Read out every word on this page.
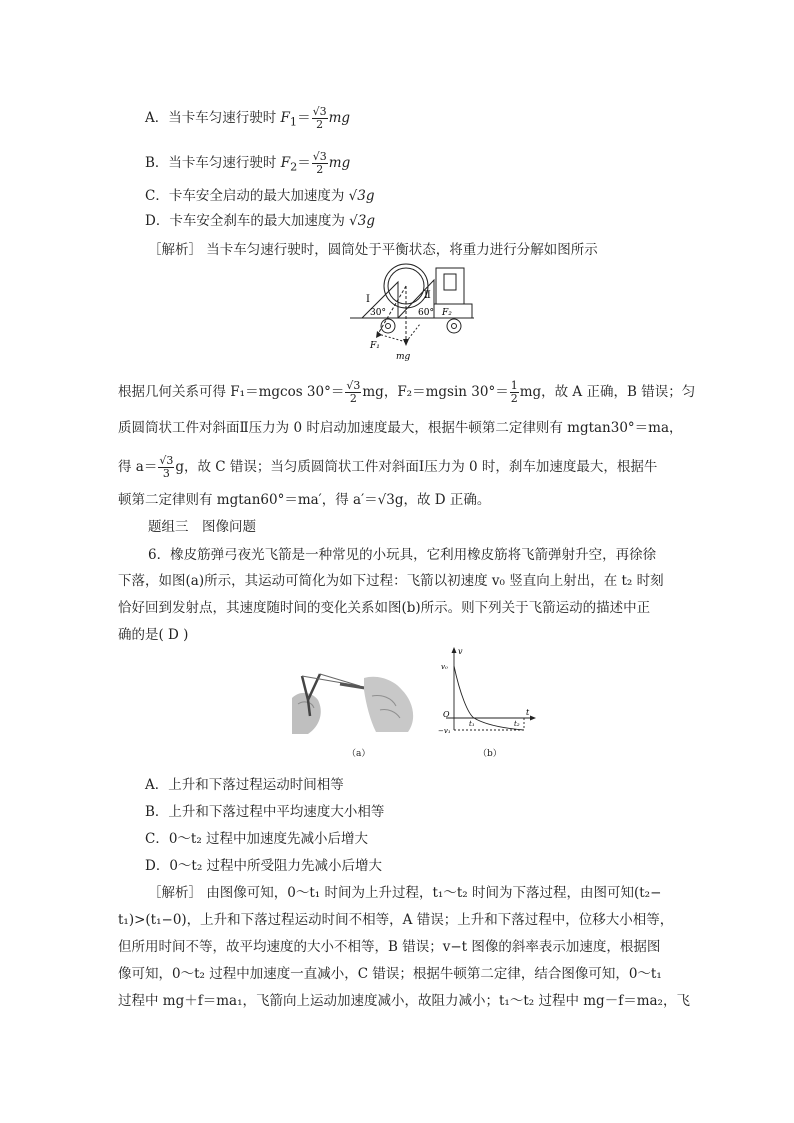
A．当卡车匀速行驶时 $F_1= \frac{√3}{2}$ mg
B．当卡车匀速行驶时 $F_2= \frac{√3}{2}$ mg
C．卡车安全启动的最大加速度为 √3g
D．卡车安全刹车的最大加速度为 √3g
［解析］ 当卡车匀速行驶时，圆筒处于平衡状态，将重力进行分解如图所示
Ⅰ	Ⅱ
30°	60° F₂
F₁
mg
根据几何关系可得 F₁＝mgcos $30^\circ= \frac{√3}{2}$ mg，F₂＝mgsin $30^\circ= \frac{1}{2}$ mg，故 A 正确，B 错误；匀
质圆筒状工件对斜面Ⅱ压力为 0 时启动加速度最大，根据牛顿第二定律则有 mgtan30°＝ma，
得 $a= \frac{√3}{3}$ g，故 C 错误；当匀质圆筒状工件对斜面Ⅰ压力为 0 时，刹车加速度最大，根据牛
顿第二定律则有 mgtan60°＝ma′，得 a′＝√3g，故 D 正确。
题组三　图像问题
6．橡皮筋弹弓夜光飞箭是一种常见的小玩具，它利用橡皮筋将飞箭弹射升空，再徐徐
下落，如图(a)所示，其运动可简化为如下过程：飞箭以初速度 v₀ 竖直向上射出，在 t₂ 时刻
恰好回到发射点，其速度随时间的变化关系如图(b)所示。则下列关于飞箭运动的描述中正
确的是( D )
v
t
v₀
O
t₁	t₂
−v₁
（a）	（b）
A．上升和下落过程运动时间相等
B．上升和下落过程中平均速度大小相等
C．0～t₂ 过程中加速度先减小后增大
D．0～t₂ 过程中所受阻力先减小后增大
［解析］ 由图像可知，0～t₁ 时间为上升过程，t₁～t₂ 时间为下落过程，由图可知(t₂−
t₁)>(t₁−0)，上升和下落过程运动时间不相等，A 错误；上升和下落过程中，位移大小相等，
但所用时间不等，故平均速度的大小不相等，B 错误；v−t 图像的斜率表示加速度，根据图
像可知，0～t₂ 过程中加速度一直减小，C 错误；根据牛顿第二定律，结合图像可知，0～t₁
过程中 mg＋f＝ma₁，飞箭向上运动加速度减小，故阻力减小；t₁～t₂ 过程中 mg－f＝ma₂，飞
